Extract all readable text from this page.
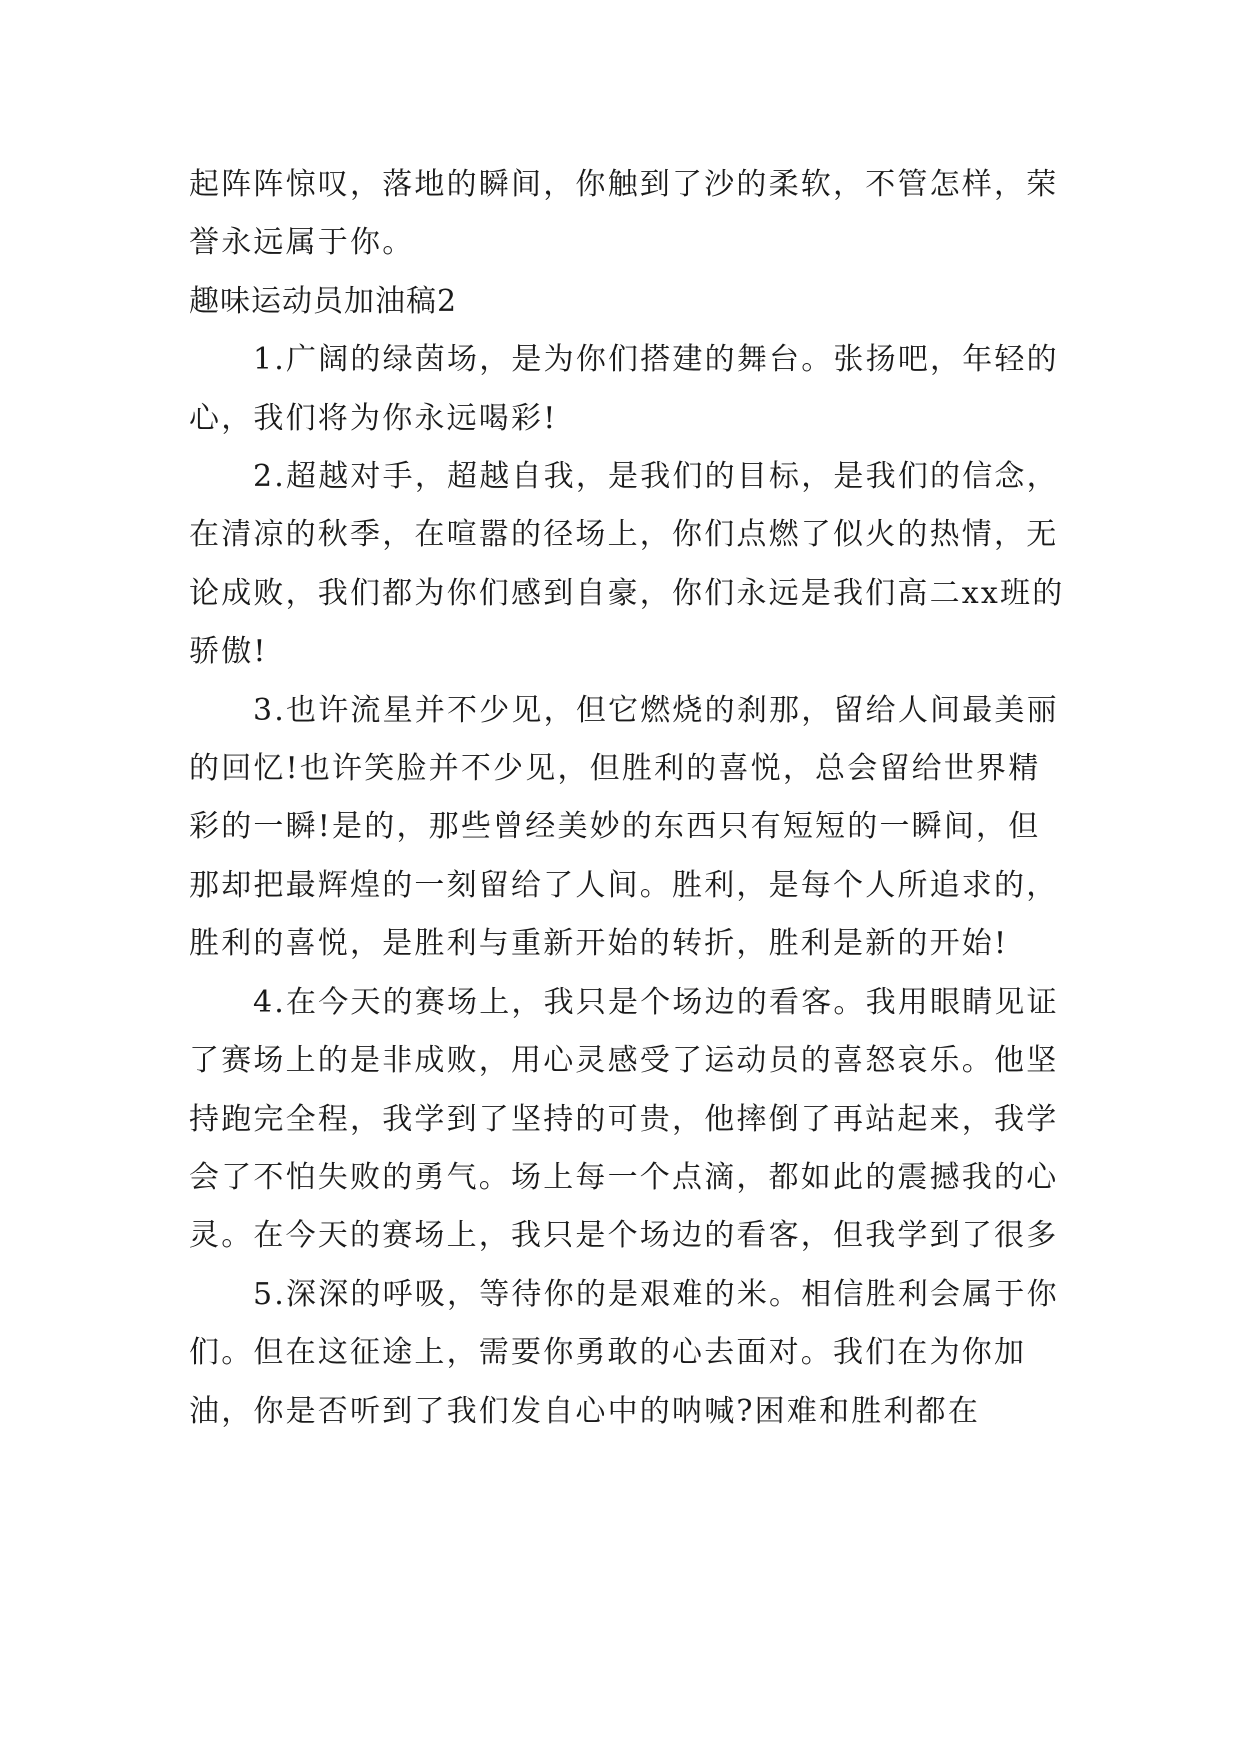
起阵阵惊叹，落地的瞬间，你触到了沙的柔软，不管怎样，荣誉永远属于你。

趣味运动员加油稿2

1.广阔的绿茵场，是为你们搭建的舞台。张扬吧，年轻的心，我们将为你永远喝彩!

2.超越对手，超越自我，是我们的目标，是我们的信念，在清凉的秋季，在喧嚣的径场上，你们点燃了似火的热情，无论成败，我们都为你们感到自豪，你们永远是我们高二xx班的骄傲!

3.也许流星并不少见，但它燃烧的刹那，留给人间最美丽的回忆!也许笑脸并不少见，但胜利的喜悦，总会留给世界精彩的一瞬!是的，那些曾经美妙的东西只有短短的一瞬间，但那却把最辉煌的一刻留给了人间。胜利，是每个人所追求的，胜利的喜悦，是胜利与重新开始的转折，胜利是新的开始!

4.在今天的赛场上，我只是个场边的看客。我用眼睛见证了赛场上的是非成败，用心灵感受了运动员的喜怒哀乐。他坚持跑完全程，我学到了坚持的可贵，他摔倒了再站起来，我学会了不怕失败的勇气。场上每一个点滴，都如此的震撼我的心灵。在今天的赛场上，我只是个场边的看客，但我学到了很多

5.深深的呼吸，等待你的是艰难的米。相信胜利会属于你们。但在这征途上，需要你勇敢的心去面对。我们在为你加油，你是否听到了我们发自心中的呐喊?困难和胜利都在
